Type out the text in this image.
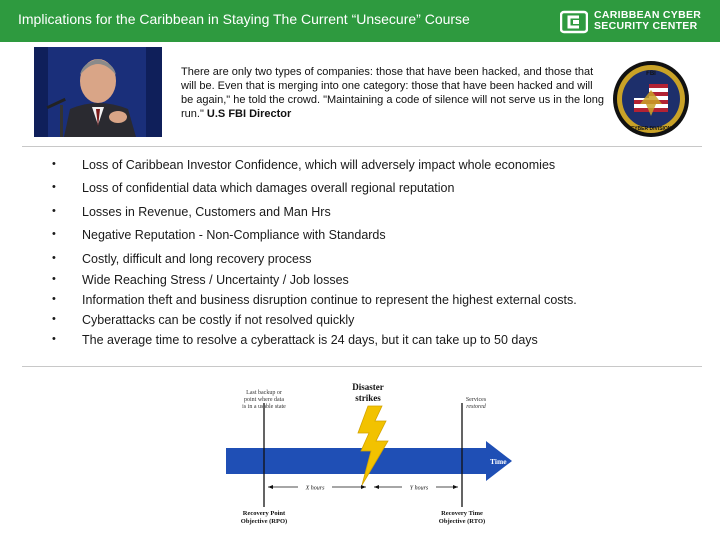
Implications for the Caribbean in Staying The Current “Unsecure” Course	CARIBBEAN CYBER
SECURITY CENTER
There are only two types of companies: those that have been hacked, and those that will be. Even that is merging into one category: those that have been hacked and will be again," he told the crowd. "Maintaining a code of silence will not serve us in the long run." U.S FBI Director
FBI
CYBER DIVISION
• Loss of Caribbean Investor Confidence, which will adversely impact whole economies
• Loss of confidential data which damages overall regional reputation
• Losses in Revenue, Customers and Man Hrs
• Negative Reputation - Non-Compliance with Standards
• Costly, difficult and long recovery process
• Wide Reaching Stress / Uncertainty / Job losses
• Information theft and business disruption continue to represent the highest external costs.
• Cyberattacks can be costly if not resolved quickly
• The average time to resolve a cyberattack is 24 days, but it can take up to 50 days
Time
X hours	Y hours
Disaster
strikes
Last backup or
point where data
is in a usable state
Services
restored
Recovery Point
Objective (RPO)
Recovery Time
Objective (RTO)
